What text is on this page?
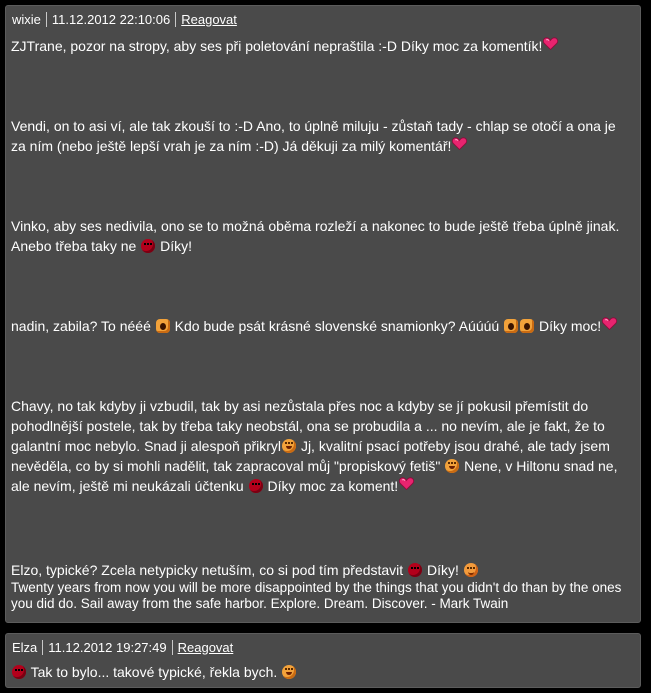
wixie 11.12.2012 22:10:06 Reagovat

ZJTrane, pozor na stropy, aby ses při poletování nepraštila :-D Díky moc za komentík!

Vendi, on to asi ví, ale tak zkouší to :-D Ano, to úplně miluju - zůstaň tady - chlap se otočí a ona je za ním (nebo ještě lepší vrah je za ním :-D) Já děkuji za milý komentář!

Vinko, aby ses nedivila, ono se to možná oběma rozleží a nakonec to bude ještě třeba úplně jinak. Anebo třeba taky ne Díky!

nadin, zabila? To nééé Kdo bude psát krásné slovenské snamionky? Aúúúú	Díky moc!

Chavy, no tak kdyby ji vzbudil, tak by asi nezůstala přes noc a kdyby se jí pokusil přemístit do pohodlnější postele, tak by třeba taky neobstál, ona se probudila a ... no nevím, ale je fakt, že to galantní moc nebylo. Snad ji alespoň přikryl Jj, kvalitní psací potřeby jsou drahé, ale tady jsem nevěděla, co by si mohli nadělit, tak zapracoval můj "propiskový fetiš" Nene, v Hiltonu snad ne, ale nevím, ještě mi neukázali účtenku Díky moc za koment!

Elzo, typické? Zcela netypicky netuším, co si pod tím představit Díky!

Twenty years from now you will be more disappointed by the things that you didn't do than by the ones you did do. Sail away from the safe harbor. Explore. Dream. Discover. - Mark Twain

Elza 11.12.2012 19:27:49 Reagovat

Tak to bylo... takové typické, řekla bych.
